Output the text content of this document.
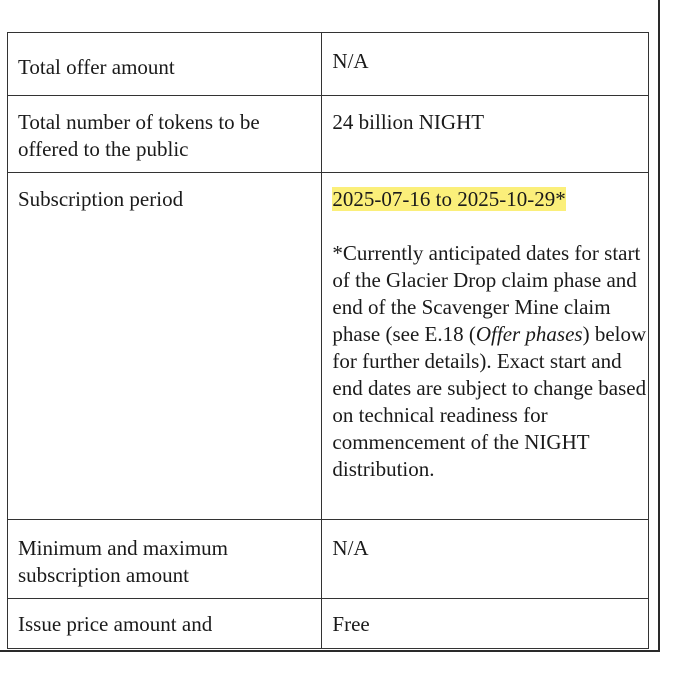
Total offer amount	N/A
Total number of tokens to be offered to the public	24 billion NIGHT
Subscription period	2025-07-16 to 2025-10-29*
*Currently anticipated dates for start of the Glacier Drop claim phase and end of the Scavenger Mine claim phase (see E.18 (Offer phases) below for further details). Exact start and end dates are subject to change based on technical readiness for commencement of the NIGHT distribution.

Minimum and maximum subscription amount	N/A
Issue price amount and	Free
